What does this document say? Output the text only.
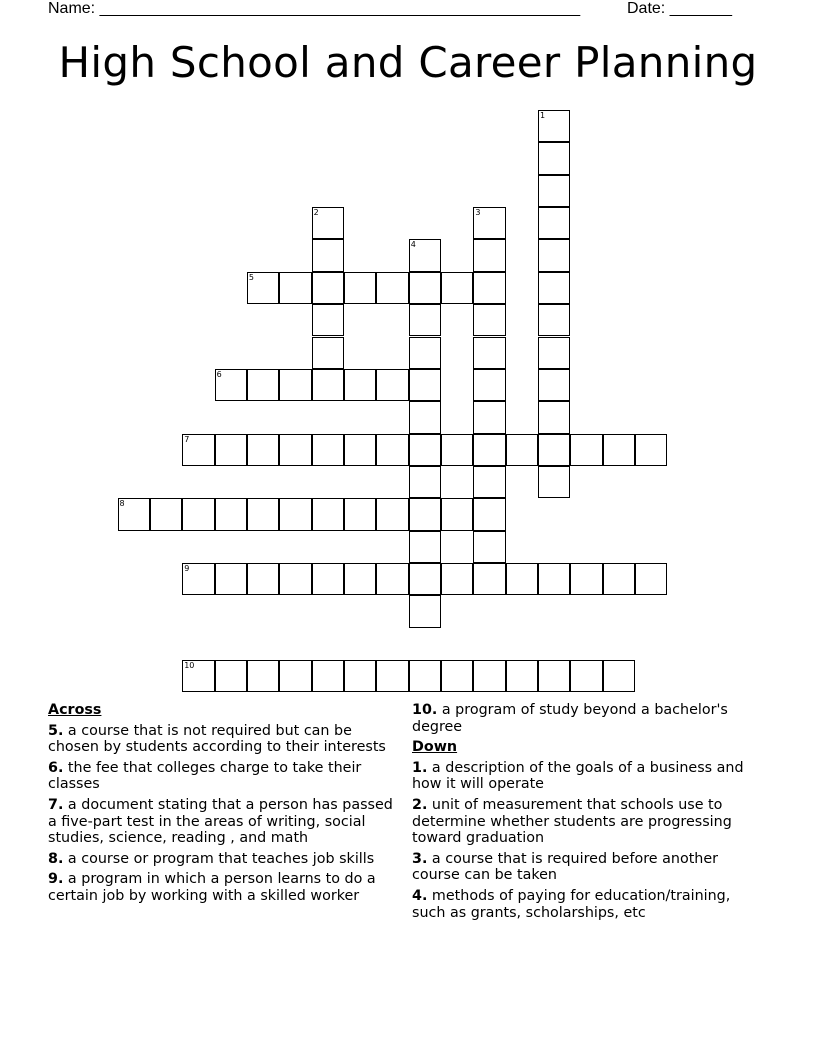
Name: ______________________________________________________	Date: _______
High School and Career Planning
5
6
7
8
9
10
1
2	3
4
Across
5. a course that is not required but can be chosen by students according to their interests
6. the fee that colleges charge to take their classes
7. a document stating that a person has passed a five-part test in the areas of writing, social studies, science, reading , and math
8. a course or program that teaches job skills
9. a program in which a person learns to do a certain job by working with a skilled worker
10. a program of study beyond a bachelor's degree
Down
1. a description of the goals of a business and how it will operate
2. unit of measurement that schools use to determine whether students are progressing toward graduation
3. a course that is required before another course can be taken
4. methods of paying for education/training, such as grants, scholarships, etc
